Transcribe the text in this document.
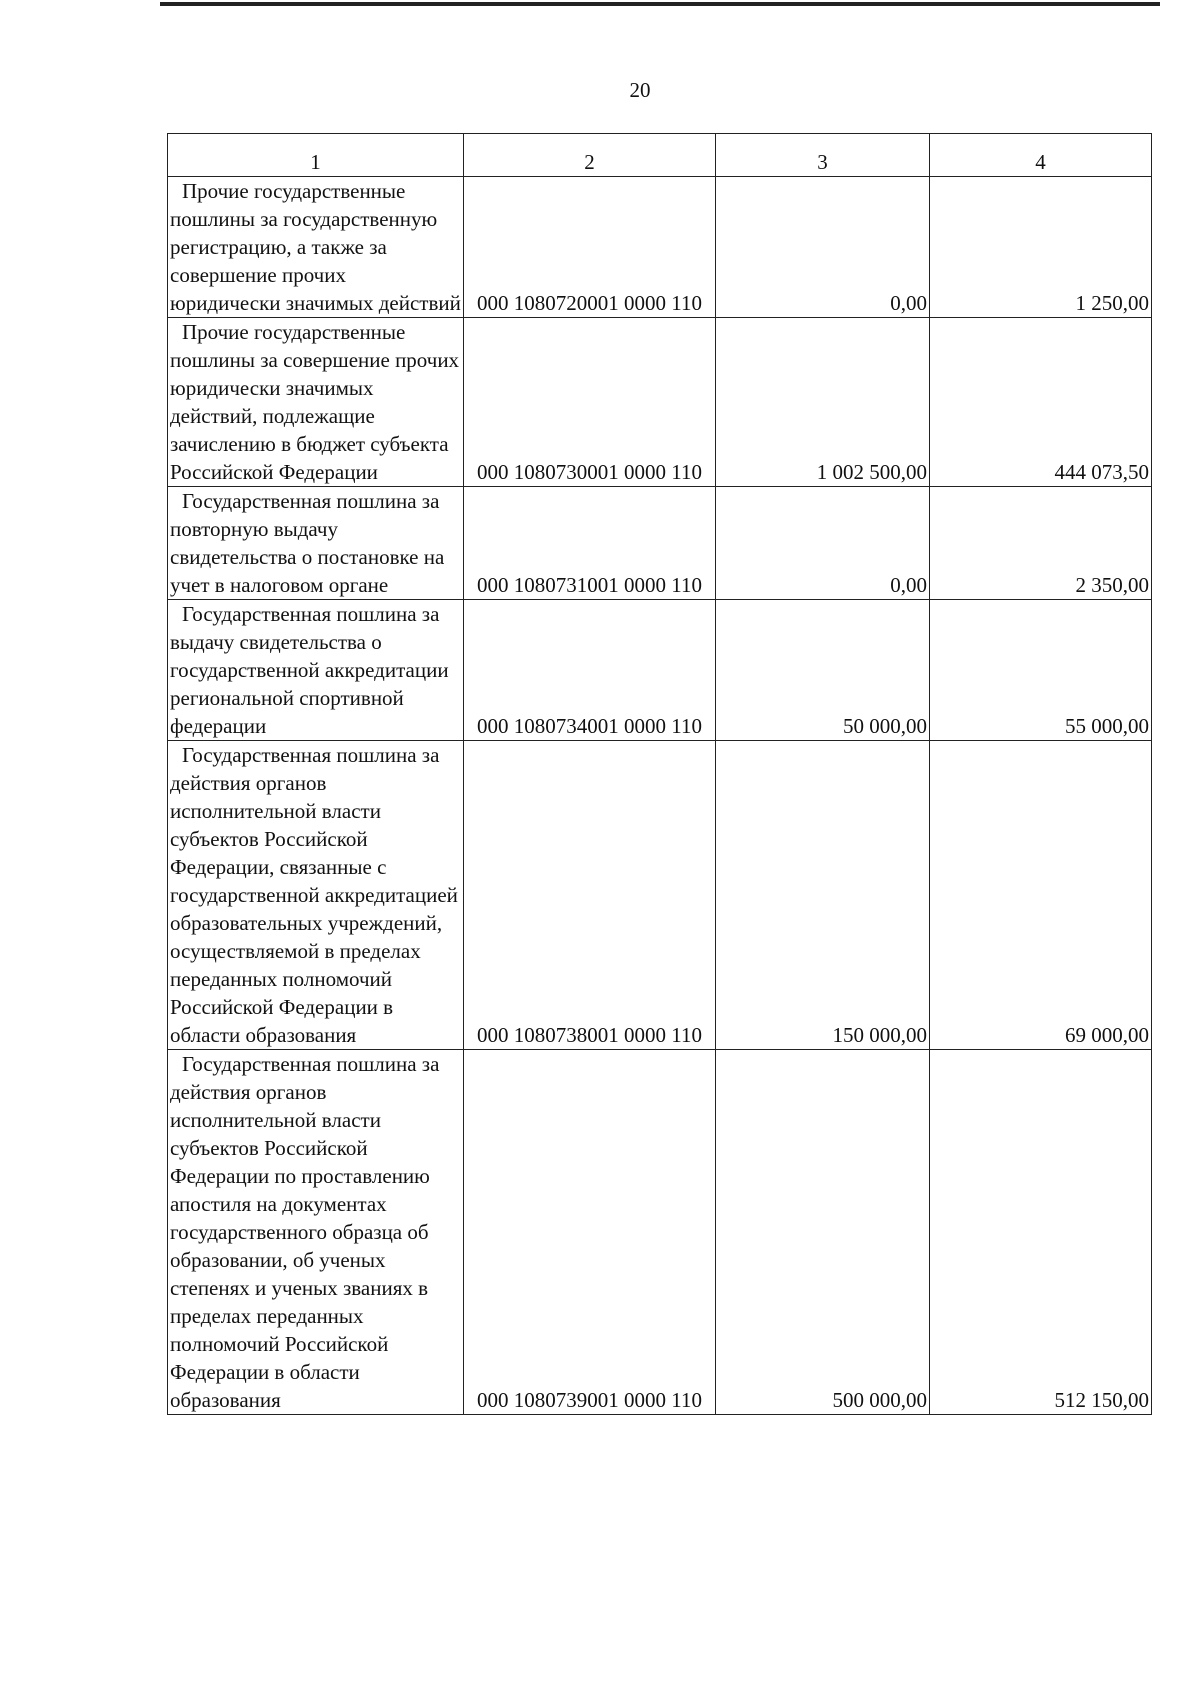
20
1	2	3	4

Прочие государственные пошлины за государственную регистрацию, а также за совершение прочих юридически значимых действий	000 1080720001 0000 110	0,00	1 250,00

Прочие государственные пошлины за совершение прочих юридически значимых действий, подлежащие зачислению в бюджет субъекта Российской Федерации	000 1080730001 0000 110	1 002 500,00	444 073,50

Государственная пошлина за повторную выдачу свидетельства о постановке на учет в налоговом органе	000 1080731001 0000 110	0,00	2 350,00

Государственная пошлина за выдачу свидетельства о государственной аккредитации региональной спортивной федерации	000 1080734001 0000 110	50 000,00	55 000,00

Государственная пошлина за действия органов исполнительной власти субъектов Российской Федерации, связанные с государственной аккредитацией образовательных учреждений, осуществляемой в пределах переданных полномочий Российской Федерации в области образования	000 1080738001 0000 110	150 000,00	69 000,00

Государственная пошлина за действия органов исполнительной власти субъектов Российской Федерации по проставлению апостиля на документах государственного образца об образовании, об ученых степенях и ученых званиях в пределах переданных полномочий Российской Федерации в области образования	000 1080739001 0000 110	500 000,00	512 150,00
